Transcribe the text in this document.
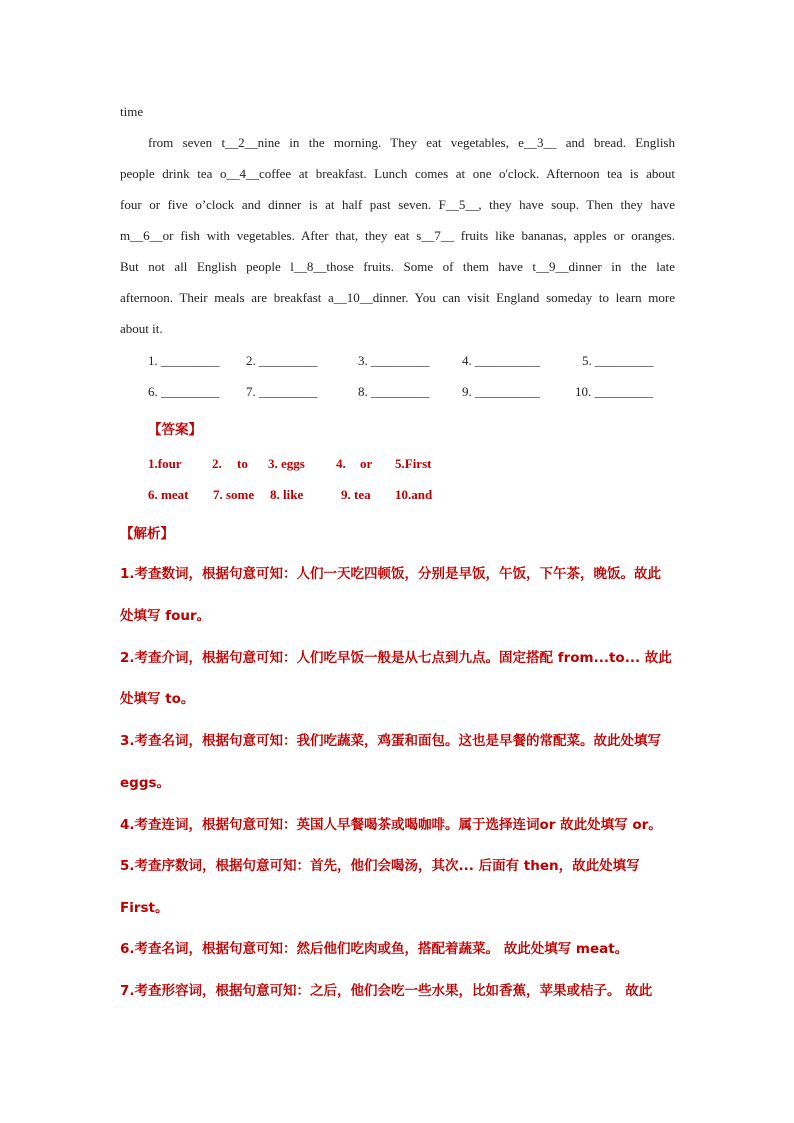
time
from seven t__2__nine in the morning. They eat vegetables, e__3__ and bread. English
people drink tea o__4__coffee at breakfast. Lunch comes at one o'clock. Afternoon tea is about
four or five o’clock and dinner is at half past seven. F__5__, they have soup. Then they have
m__6__or fish with vegetables. After that, they eat s__7__ fruits like bananas, apples or oranges.
But not all English people l__8__those fruits. Some of them have t__9__dinner in the late
afternoon. Their meals are breakfast a__10__dinner. You can visit England someday to learn more
about it.
1. _________ 2. _________	3. _________	4. __________	5. _________
6. _________ 7. _________	8. _________	9. __________	10. _________
【答案】
1.four 2. to 3. eggs 4. or 5.First
6. meat 7. some 8. like	9. tea 10.and
【解析】
1.考查数词，根据句意可知：人们一天吃四顿饭，分别是早饭，午饭，下午茶，晚饭。故此
处填写 four。
2.考查介词，根据句意可知：人们吃早饭一般是从七点到九点。固定搭配 from...to... 故此
处填写 to。
3.考查名词，根据句意可知：我们吃蔬菜，鸡蛋和面包。这也是早餐的常配菜。故此处填写
eggs。
4.考查连词，根据句意可知：英国人早餐喝茶或喝咖啡。属于选择连词or 故此处填写 or。
5.考查序数词，根据句意可知：首先，他们会喝汤，其次... 后面有 then，故此处填写
First。
6.考查名词，根据句意可知：然后他们吃肉或鱼，搭配着蔬菜。 故此处填写 meat。
7.考查形容词，根据句意可知：之后，他们会吃一些水果，比如香蕉，苹果或桔子。 故此
